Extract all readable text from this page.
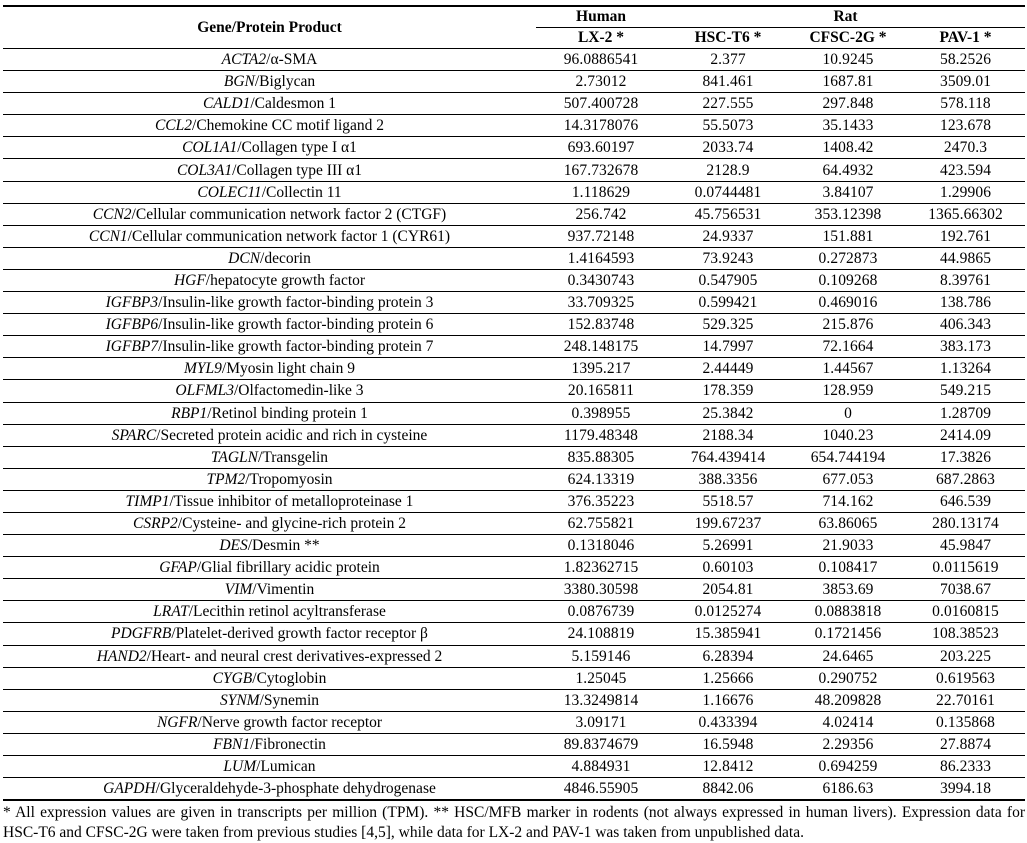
Gene/Protein Product	Human	Rat		
	LX-2 *	HSC-T6 *	CFSC-2G *	PAV-1 *
ACTA2/α-SMA	96.0886541	2.377	10.9245	58.2526
BGN/Biglycan	2.73012	841.461	1687.81	3509.01
CALD1/Caldesmon 1	507.400728	227.555	297.848	578.118
CCL2/Chemokine CC motif ligand 2	14.3178076	55.5073	35.1433	123.678
COL1A1/Collagen type I α1	693.60197	2033.74	1408.42	2470.3
COL3A1/Collagen type III α1	167.732678	2128.9	64.4932	423.594
COLEC11/Collectin 11	1.118629	0.0744481	3.84107	1.29906
CCN2/Cellular communication network factor 2 (CTGF)	256.742	45.756531	353.12398	1365.66302
CCN1/Cellular communication network factor 1 (CYR61)	937.72148	24.9337	151.881	192.761
DCN/decorin	1.4164593	73.9243	0.272873	44.9865
HGF/hepatocyte growth factor	0.3430743	0.547905	0.109268	8.39761
IGFBP3/Insulin-like growth factor-binding protein 3	33.709325	0.599421	0.469016	138.786
IGFBP6/Insulin-like growth factor-binding protein 6	152.83748	529.325	215.876	406.343
IGFBP7/Insulin-like growth factor-binding protein 7	248.148175	14.7997	72.1664	383.173
MYL9/Myosin light chain 9	1395.217	2.44449	1.44567	1.13264
OLFML3/Olfactomedin-like 3	20.165811	178.359	128.959	549.215
RBP1/Retinol binding protein 1	0.398955	25.3842	0	1.28709
SPARC/Secreted protein acidic and rich in cysteine	1179.48348	2188.34	1040.23	2414.09
TAGLN/Transgelin	835.88305	764.439414	654.744194	17.3826
TPM2/Tropomyosin	624.13319	388.3356	677.053	687.2863
TIMP1/Tissue inhibitor of metalloproteinase 1	376.35223	5518.57	714.162	646.539
CSRP2/Cysteine- and glycine-rich protein 2	62.755821	199.67237	63.86065	280.13174
DES/Desmin **	0.1318046	5.26991	21.9033	45.9847
GFAP/Glial fibrillary acidic protein	1.82362715	0.60103	0.108417	0.0115619
VIM/Vimentin	3380.30598	2054.81	3853.69	7038.67
LRAT/Lecithin retinol acyltransferase	0.0876739	0.0125274	0.0883818	0.0160815
PDGFRB/Platelet-derived growth factor receptor β	24.108819	15.385941	0.1721456	108.38523
HAND2/Heart- and neural crest derivatives-expressed 2	5.159146	6.28394	24.6465	203.225
CYGB/Cytoglobin	1.25045	1.25666	0.290752	0.619563
SYNM/Synemin	13.3249814	1.16676	48.209828	22.70161
NGFR/Nerve growth factor receptor	3.09171	0.433394	4.02414	0.135868
FBN1/Fibronectin	89.8374679	16.5948	2.29356	27.8874
LUM/Lumican	4.884931	12.8412	0.694259	86.2333
GAPDH/Glyceraldehyde-3-phosphate dehydrogenase	4846.55905	8842.06	6186.63	3994.18
* All expression values are given in transcripts per million (TPM). ** HSC/MFB marker in rodents (not always expressed in human livers). Expression data for HSC-T6 and CFSC-2G were taken from previous studies [4,5], while data for LX-2 and PAV-1 was taken from unpublished data.
